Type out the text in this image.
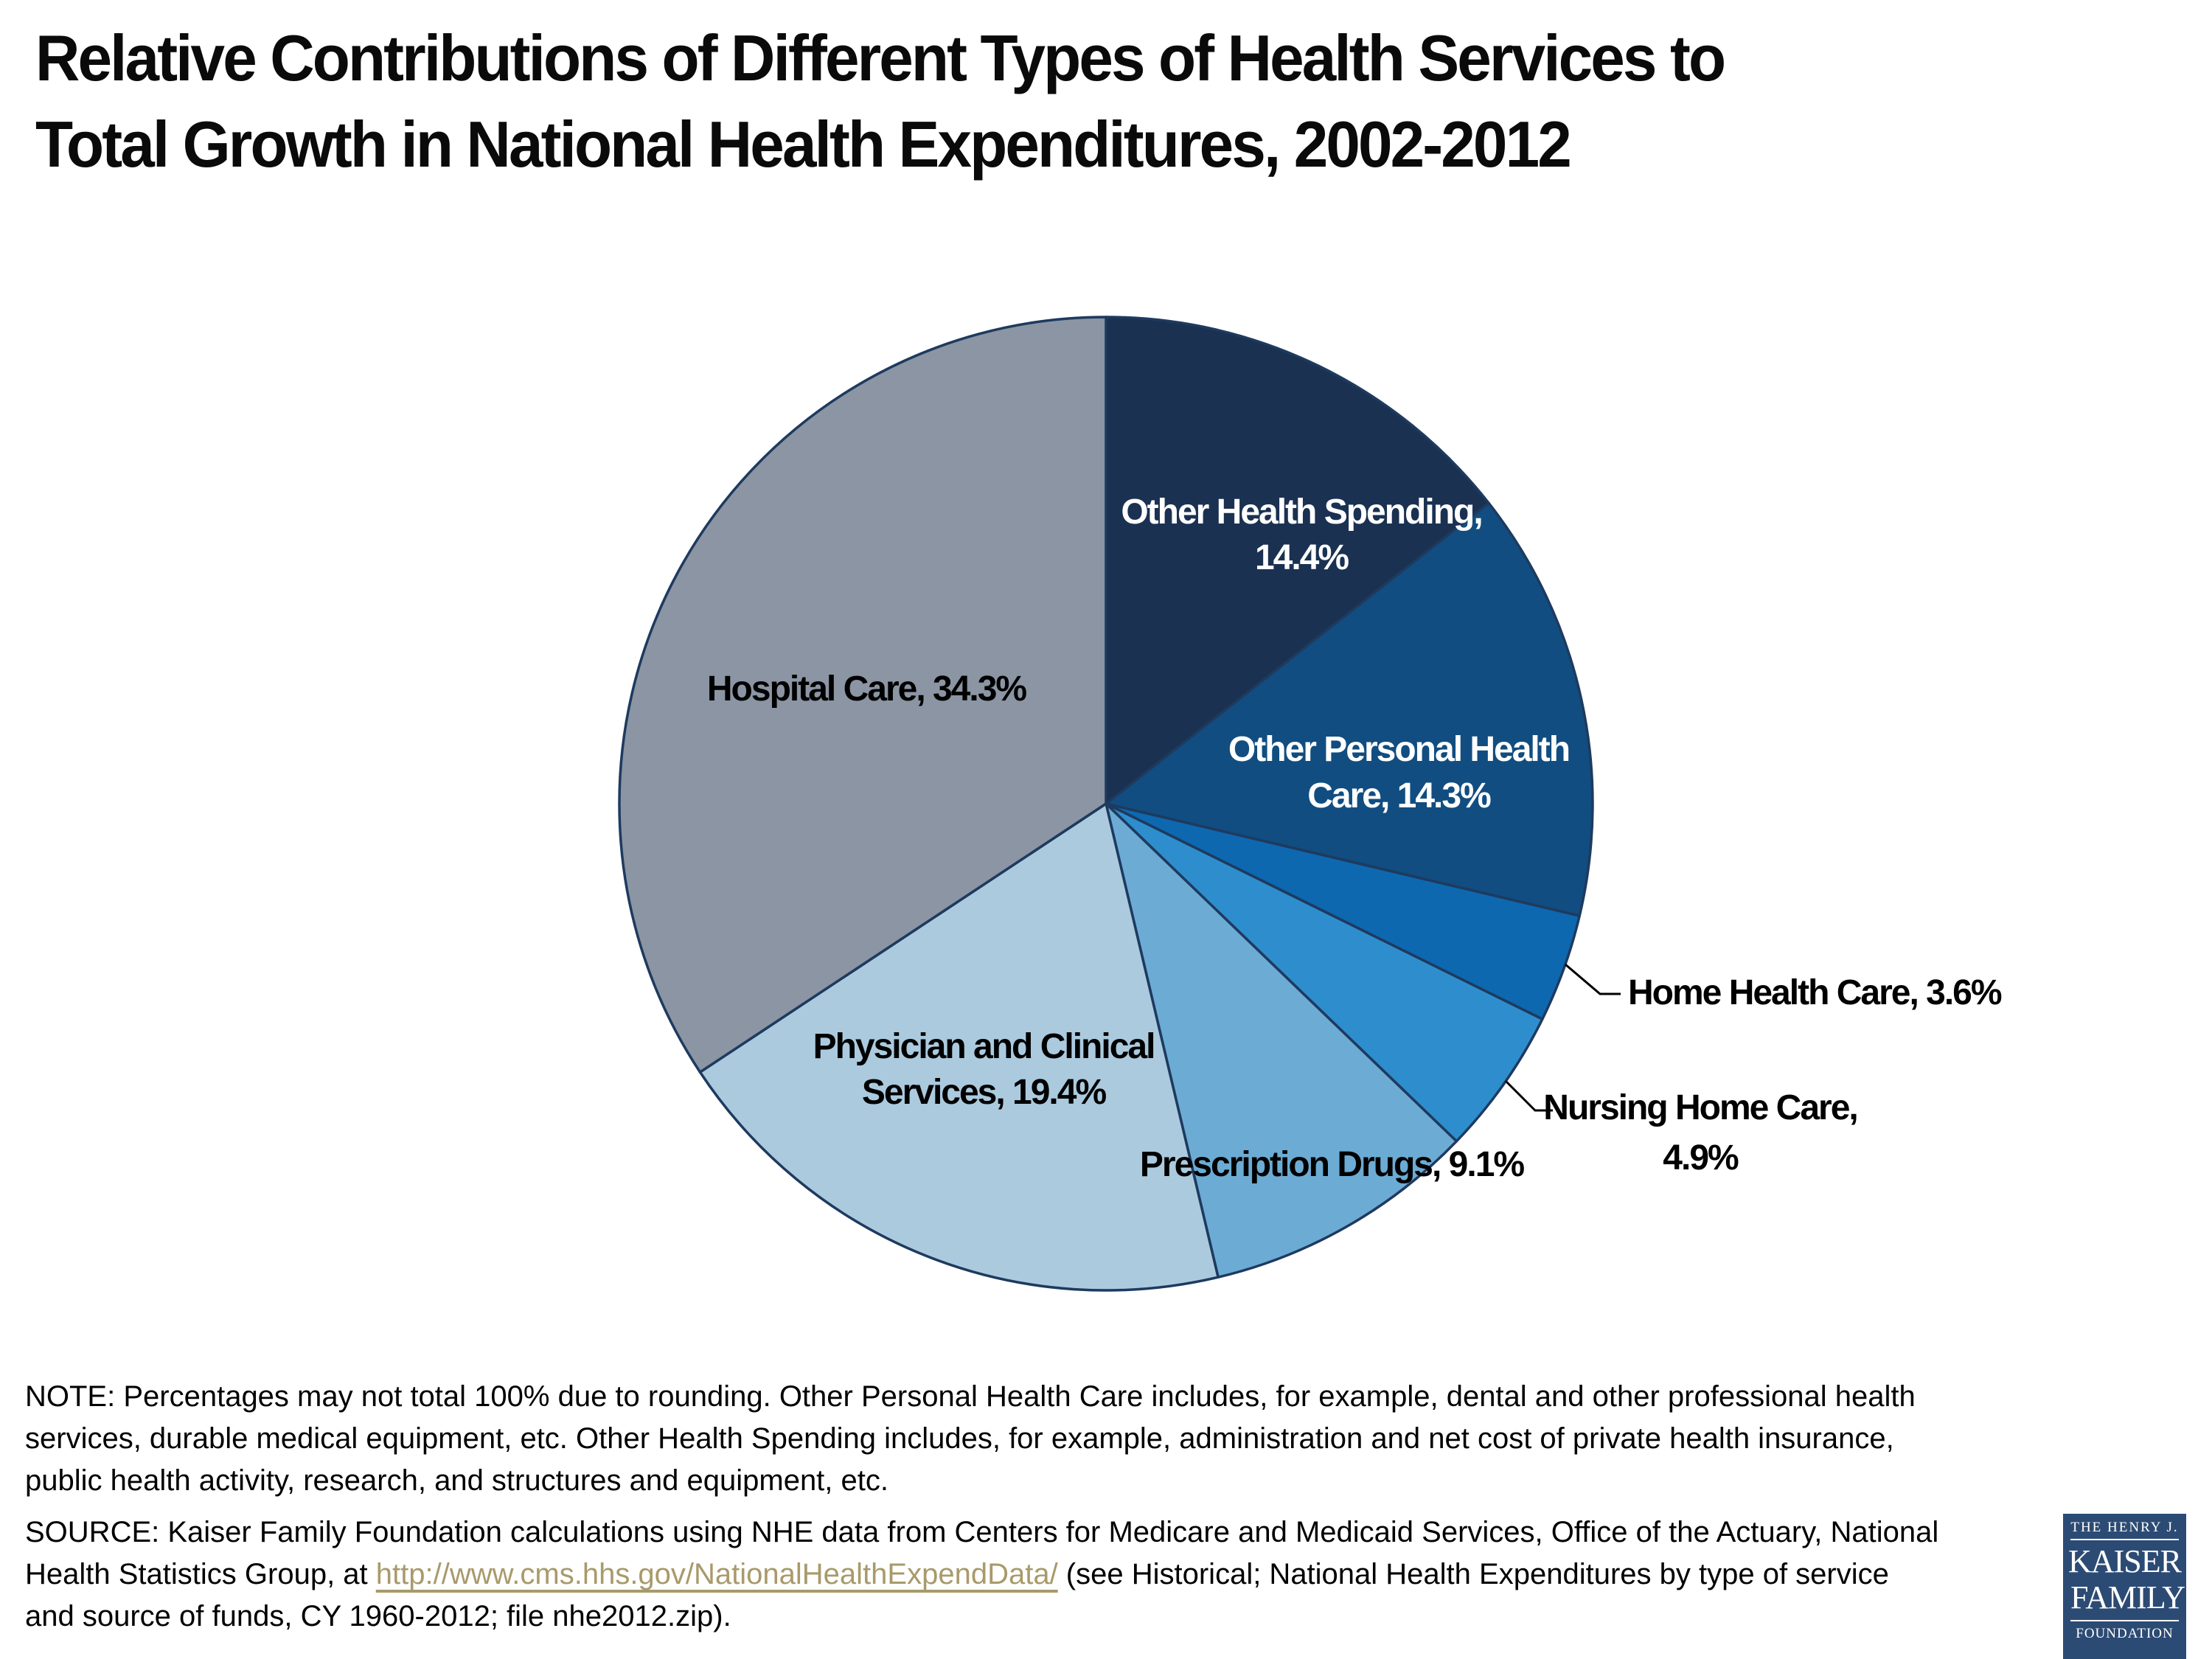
Relative Contributions of Different Types of Health Services to
Total Growth in National Health Expenditures, 2002-2012
Other Health Spending,
14.4%
Other Personal Health
Care, 14.3%
Home Health Care, 3.6%
Nursing Home Care,
4.9%
Prescription Drugs, 9.1%
Physician and Clinical
Services, 19.4%
Hospital Care, 34.3%
NOTE: Percentages may not total 100% due to rounding. Other Personal Health Care includes, for example, dental and other professional health
services, durable medical equipment, etc. Other Health Spending includes, for example, administration and net cost of private health insurance,
public health activity, research, and structures and equipment, etc.
SOURCE: Kaiser Family Foundation calculations using NHE data from Centers for Medicare and Medicaid Services, Office of the Actuary, National
Health Statistics Group, at http://www.cms.hhs.gov/NationalHealthExpendData/ (see Historical; National Health Expenditures by type of service
and source of funds, CY 1960-2012; file nhe2012.zip).
THE HENRY J.
KAISER
FAMILY
FOUNDATION
